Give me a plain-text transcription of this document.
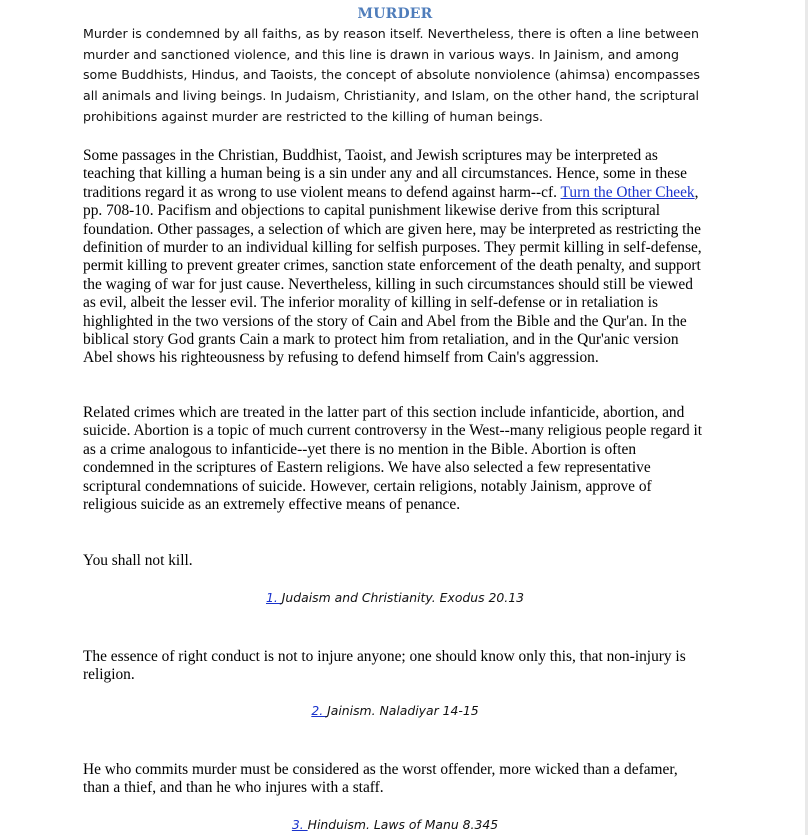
MURDER
Murder is condemned by all faiths, as by reason itself. Nevertheless, there is often a line between murder and sanctioned violence, and this line is drawn in various ways. In Jainism, and among some Buddhists, Hindus, and Taoists, the concept of absolute nonviolence (ahimsa) encompasses all animals and living beings. In Judaism, Christianity, and Islam, on the other hand, the scriptural prohibitions against murder are restricted to the killing of human beings.
Some passages in the Christian, Buddhist, Taoist, and Jewish scriptures may be interpreted as teaching that killing a human being is a sin under any and all circumstances. Hence, some in these traditions regard it as wrong to use violent means to defend against harm--cf. Turn the Other Cheek, pp. 708-10. Pacifism and objections to capital punishment likewise derive from this scriptural foundation. Other passages, a selection of which are given here, may be interpreted as restricting the definition of murder to an individual killing for selfish purposes. They permit killing in self-defense, permit killing to prevent greater crimes, sanction state enforcement of the death penalty, and support the waging of war for just cause. Nevertheless, killing in such circumstances should still be viewed as evil, albeit the lesser evil. The inferior morality of killing in self-defense or in retaliation is highlighted in the two versions of the story of Cain and Abel from the Bible and the Qur'an. In the biblical story God grants Cain a mark to protect him from retaliation, and in the Qur'anic version Abel shows his righteousness by refusing to defend himself from Cain's aggression.
Related crimes which are treated in the latter part of this section include infanticide, abortion, and suicide. Abortion is a topic of much current controversy in the West--many religious people regard it as a crime analogous to infanticide--yet there is no mention in the Bible. Abortion is often condemned in the scriptures of Eastern religions. We have also selected a few representative scriptural condemnations of suicide. However, certain religions, notably Jainism, approve of religious suicide as an extremely effective means of penance.
You shall not kill.
1. Judaism and Christianity. Exodus 20.13
The essence of right conduct is not to injure anyone; one should know only this, that non-injury is religion.
2. Jainism. Naladiyar 14-15
He who commits murder must be considered as the worst offender, more wicked than a defamer, than a thief, and than he who injures with a staff.
3. Hinduism. Laws of Manu 8.345
